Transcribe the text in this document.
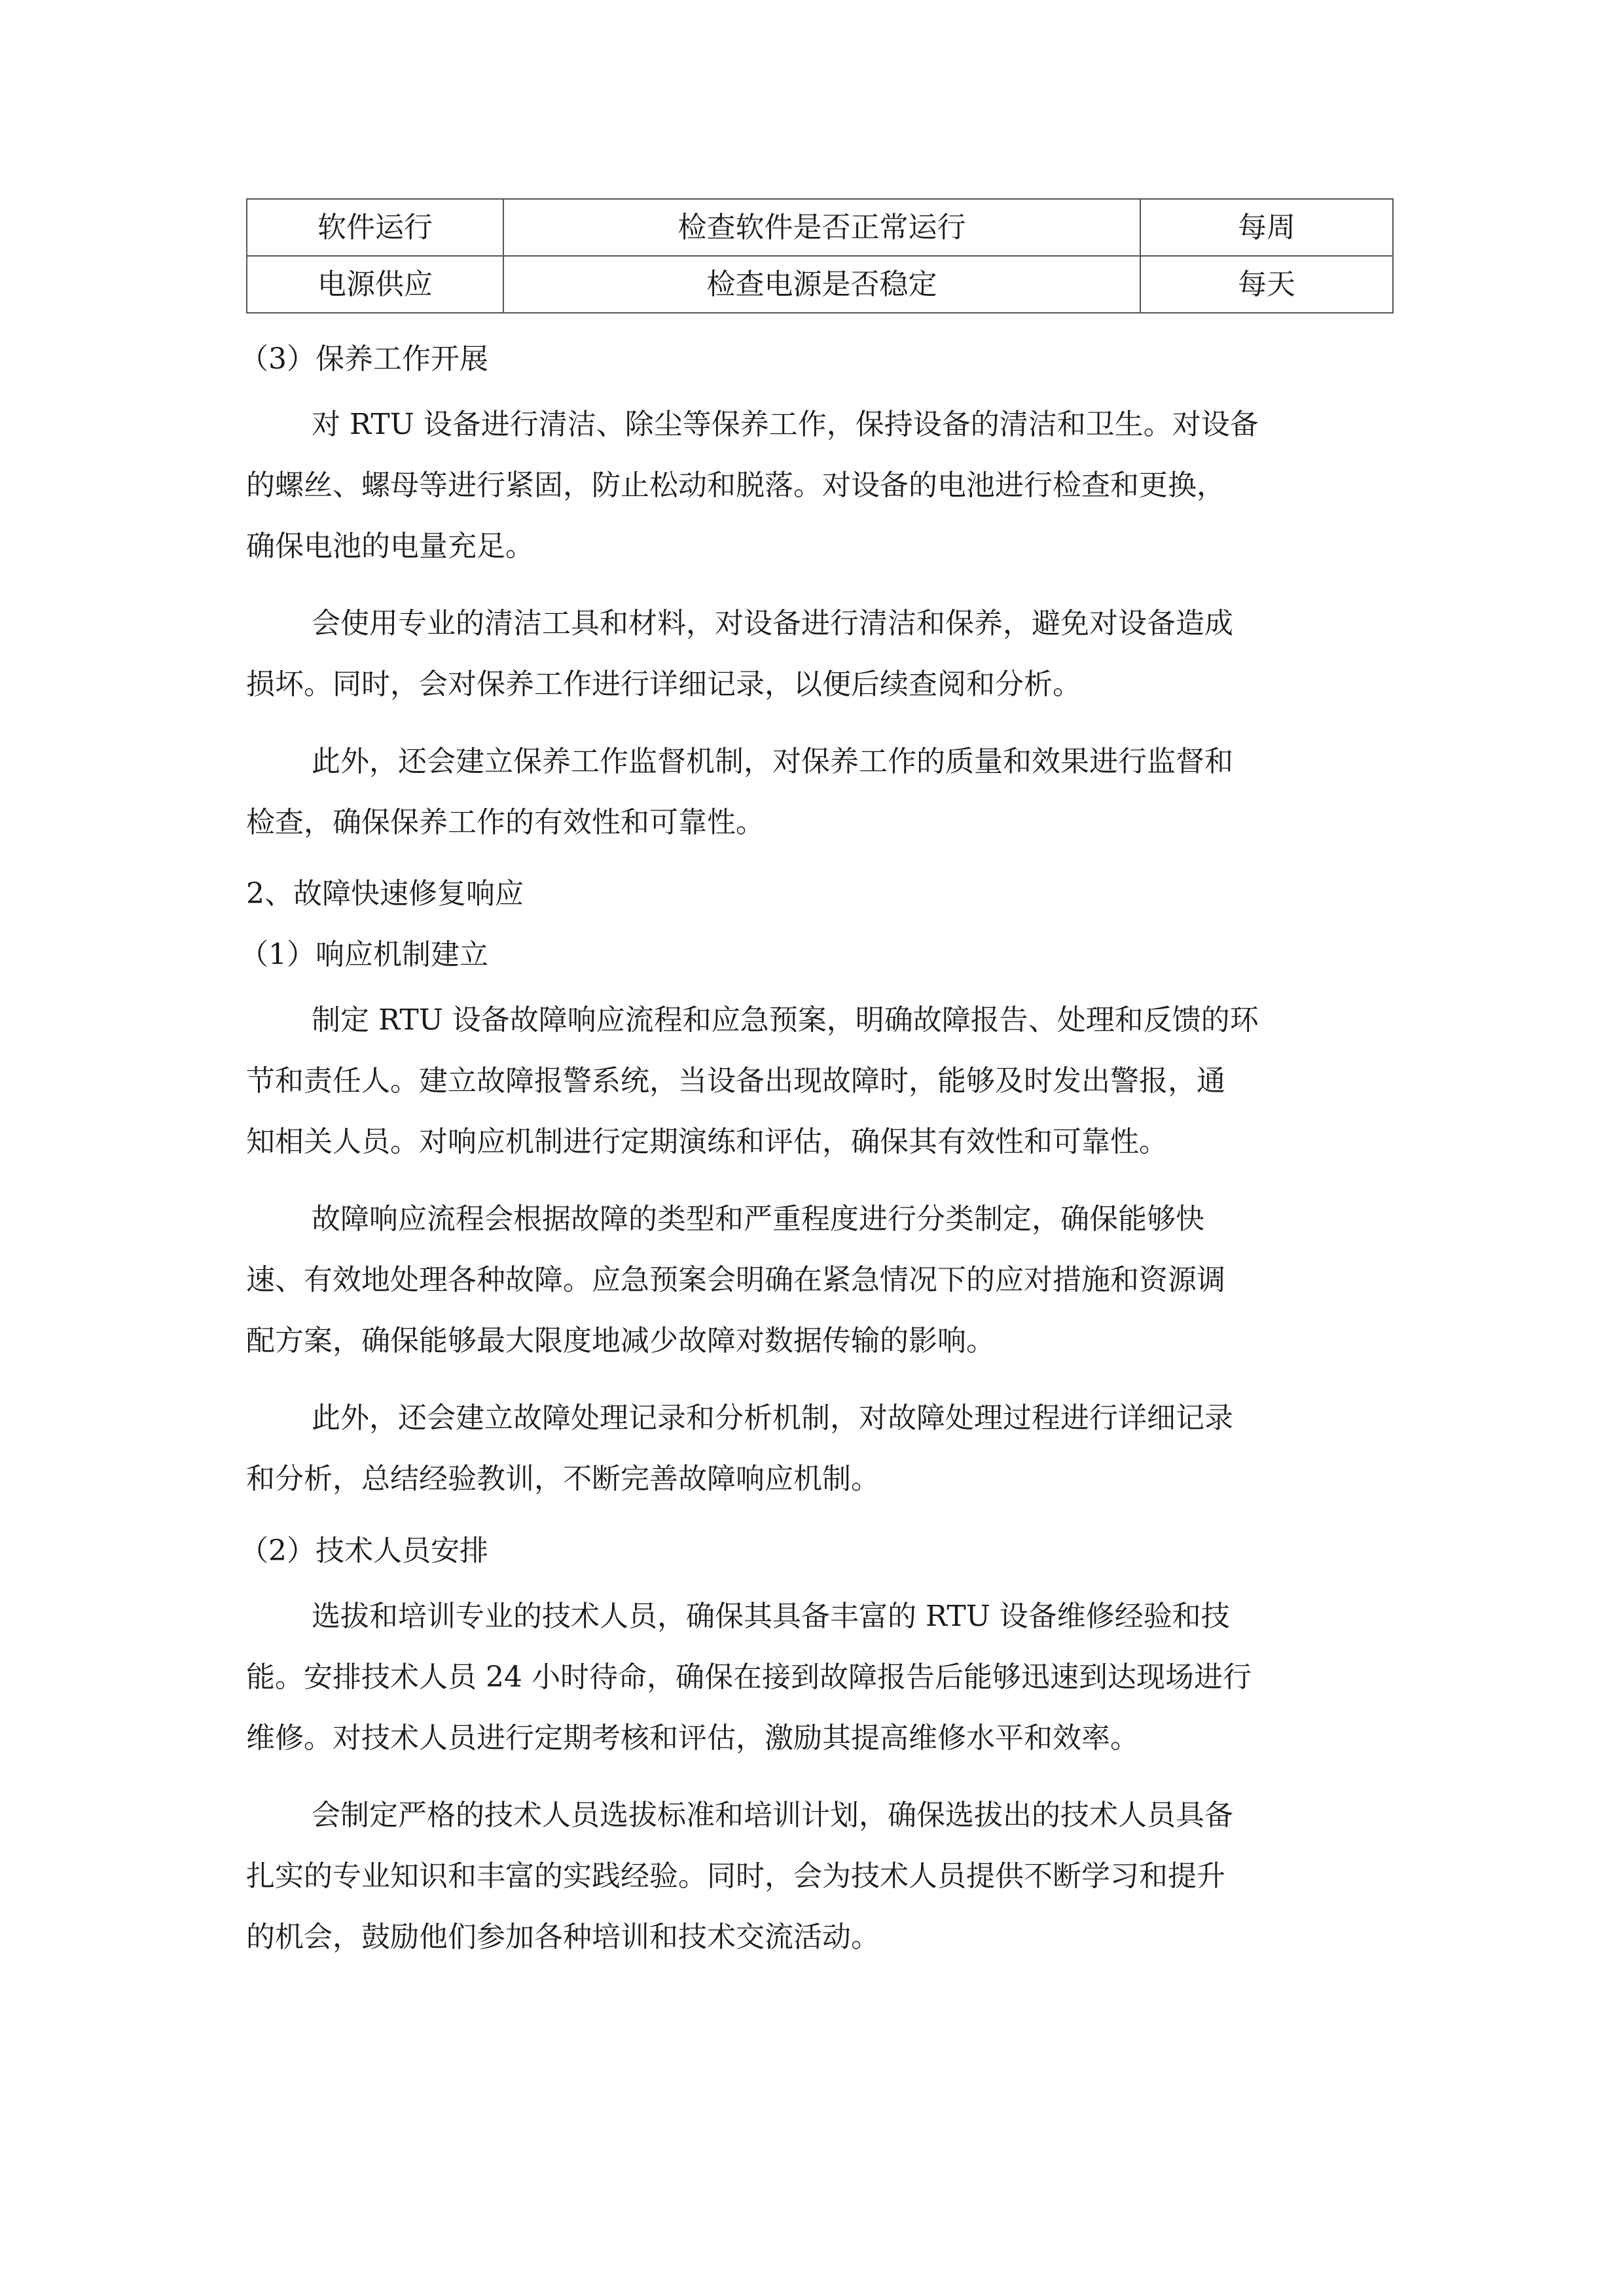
软件运行	检查软件是否正常运行	每周
电源供应	检查电源是否稳定	每天
（3）保养工作开展
对 RTU 设备进行清洁、除尘等保养工作，保持设备的清洁和卫生。对设备
的螺丝、螺母等进行紧固，防止松动和脱落。对设备的电池进行检查和更换，
确保电池的电量充足。
会使用专业的清洁工具和材料，对设备进行清洁和保养，避免对设备造成
损坏。同时，会对保养工作进行详细记录，以便后续查阅和分析。
此外，还会建立保养工作监督机制，对保养工作的质量和效果进行监督和
检查，确保保养工作的有效性和可靠性。
2、故障快速修复响应
（1）响应机制建立
制定 RTU 设备故障响应流程和应急预案，明确故障报告、处理和反馈的环
节和责任人。建立故障报警系统，当设备出现故障时，能够及时发出警报，通
知相关人员。对响应机制进行定期演练和评估，确保其有效性和可靠性。
故障响应流程会根据故障的类型和严重程度进行分类制定，确保能够快
速、有效地处理各种故障。应急预案会明确在紧急情况下的应对措施和资源调
配方案，确保能够最大限度地减少故障对数据传输的影响。
此外，还会建立故障处理记录和分析机制，对故障处理过程进行详细记录
和分析，总结经验教训，不断完善故障响应机制。
（2）技术人员安排
选拔和培训专业的技术人员，确保其具备丰富的 RTU 设备维修经验和技
能。安排技术人员 24 小时待命，确保在接到故障报告后能够迅速到达现场进行
维修。对技术人员进行定期考核和评估，激励其提高维修水平和效率。
会制定严格的技术人员选拔标准和培训计划，确保选拔出的技术人员具备
扎实的专业知识和丰富的实践经验。同时，会为技术人员提供不断学习和提升
的机会，鼓励他们参加各种培训和技术交流活动。
